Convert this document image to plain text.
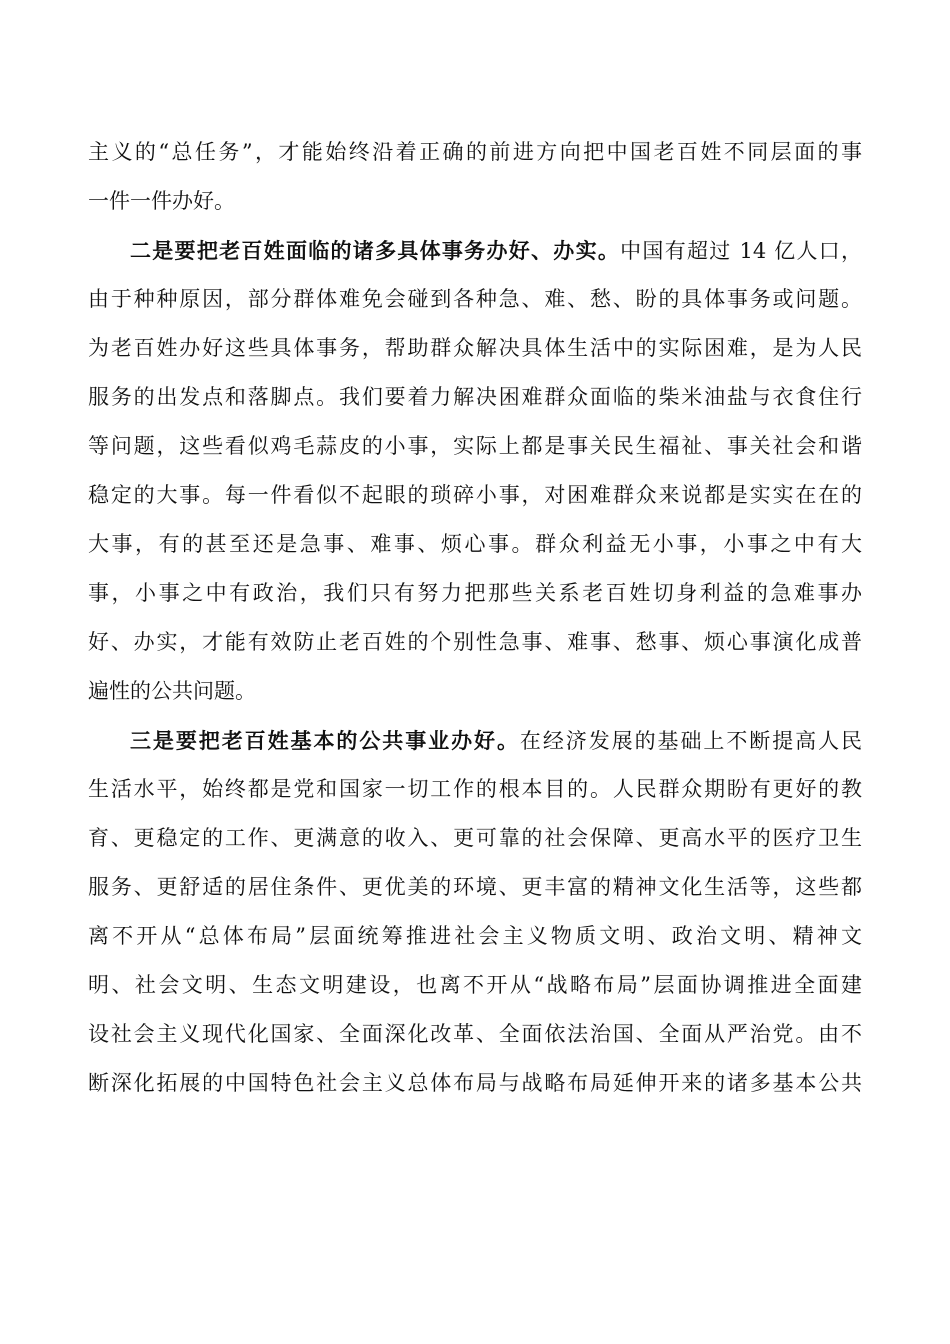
主义的“总任务”，才能始终沿着正确的前进方向把中国老百姓不同层面的事
一件一件办好。
二是要把老百姓面临的诸多具体事务办好、办实。中国有超过 14 亿人口，
由于种种原因，部分群体难免会碰到各种急、难、愁、盼的具体事务或问题。
为老百姓办好这些具体事务，帮助群众解决具体生活中的实际困难，是为人民
服务的出发点和落脚点。我们要着力解决困难群众面临的柴米油盐与衣食住行
等问题，这些看似鸡毛蒜皮的小事，实际上都是事关民生福祉、事关社会和谐
稳定的大事。每一件看似不起眼的琐碎小事，对困难群众来说都是实实在在的
大事，有的甚至还是急事、难事、烦心事。群众利益无小事，小事之中有大
事，小事之中有政治，我们只有努力把那些关系老百姓切身利益的急难事办
好、办实，才能有效防止老百姓的个别性急事、难事、愁事、烦心事演化成普
遍性的公共问题。
三是要把老百姓基本的公共事业办好。在经济发展的基础上不断提高人民
生活水平，始终都是党和国家一切工作的根本目的。人民群众期盼有更好的教
育、更稳定的工作、更满意的收入、更可靠的社会保障、更高水平的医疗卫生
服务、更舒适的居住条件、更优美的环境、更丰富的精神文化生活等，这些都
离不开从“总体布局”层面统筹推进社会主义物质文明、政治文明、精神文
明、社会文明、生态文明建设，也离不开从“战略布局”层面协调推进全面建
设社会主义现代化国家、全面深化改革、全面依法治国、全面从严治党。由不
断深化拓展的中国特色社会主义总体布局与战略布局延伸开来的诸多基本公共
